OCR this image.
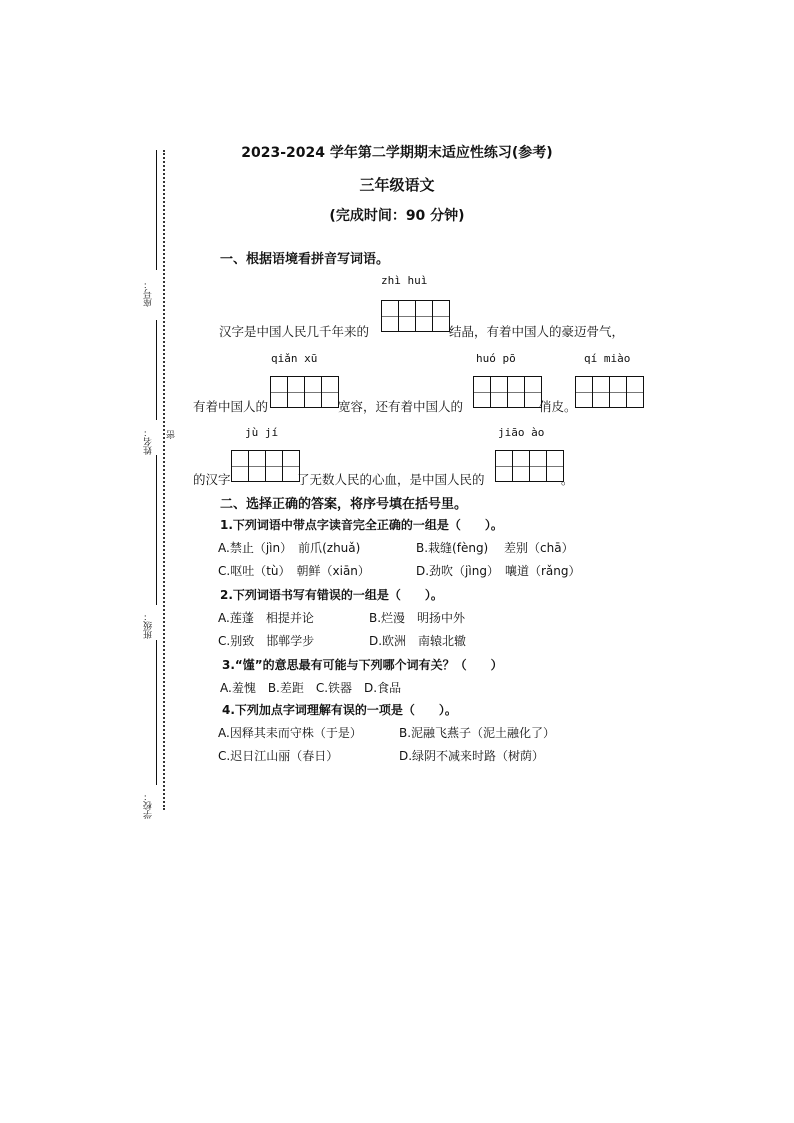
座号：
姓名： 密
班级：
学校：
2023-2024 学年第二学期期末适应性练习(参考)
三年级语文
(完成时间：90 分钟)
一、根据语境看拼音写词语。
zhì huì
汉字是中国人民几千年来的	结晶，有着中国人的豪迈骨气，
qiǎn xū	huó pō	qí miào
有着中国人的	宽容，还有着中国人的	俏皮。
jù jí	jiāo ào
的汉字	了无数人民的心血，是中国人民的	。
二、选择正确的答案，将序号填在括号里。
1.下列词语中带点字读音完全正确的一组是（　　）。
A.禁止（jìn）　前爪(zhuǎ)	B.栽缝(fèng)　 差别（chā）
C.呕吐（tù）　朝鲜（xiān）	D.劲吹（jìng）　嚷道（rǎng）
2.下列词语书写有错误的一组是（　　）。
A.莲蓬　相提并论	B.烂漫　明扬中外
C.别致　邯郸学步	D.欧洲　南辕北辙
3.“馑”的意思最有可能与下列哪个词有关？（　　）
A.羞愧　B.差距　C.铁器　D.食品
4.下列加点字词理解有误的一项是（　　）。
A.因释其耒而守株（于是）	B.泥融飞燕子（泥土融化了）
C.迟日江山丽（春日）	D.绿阴不减来时路（树荫）
